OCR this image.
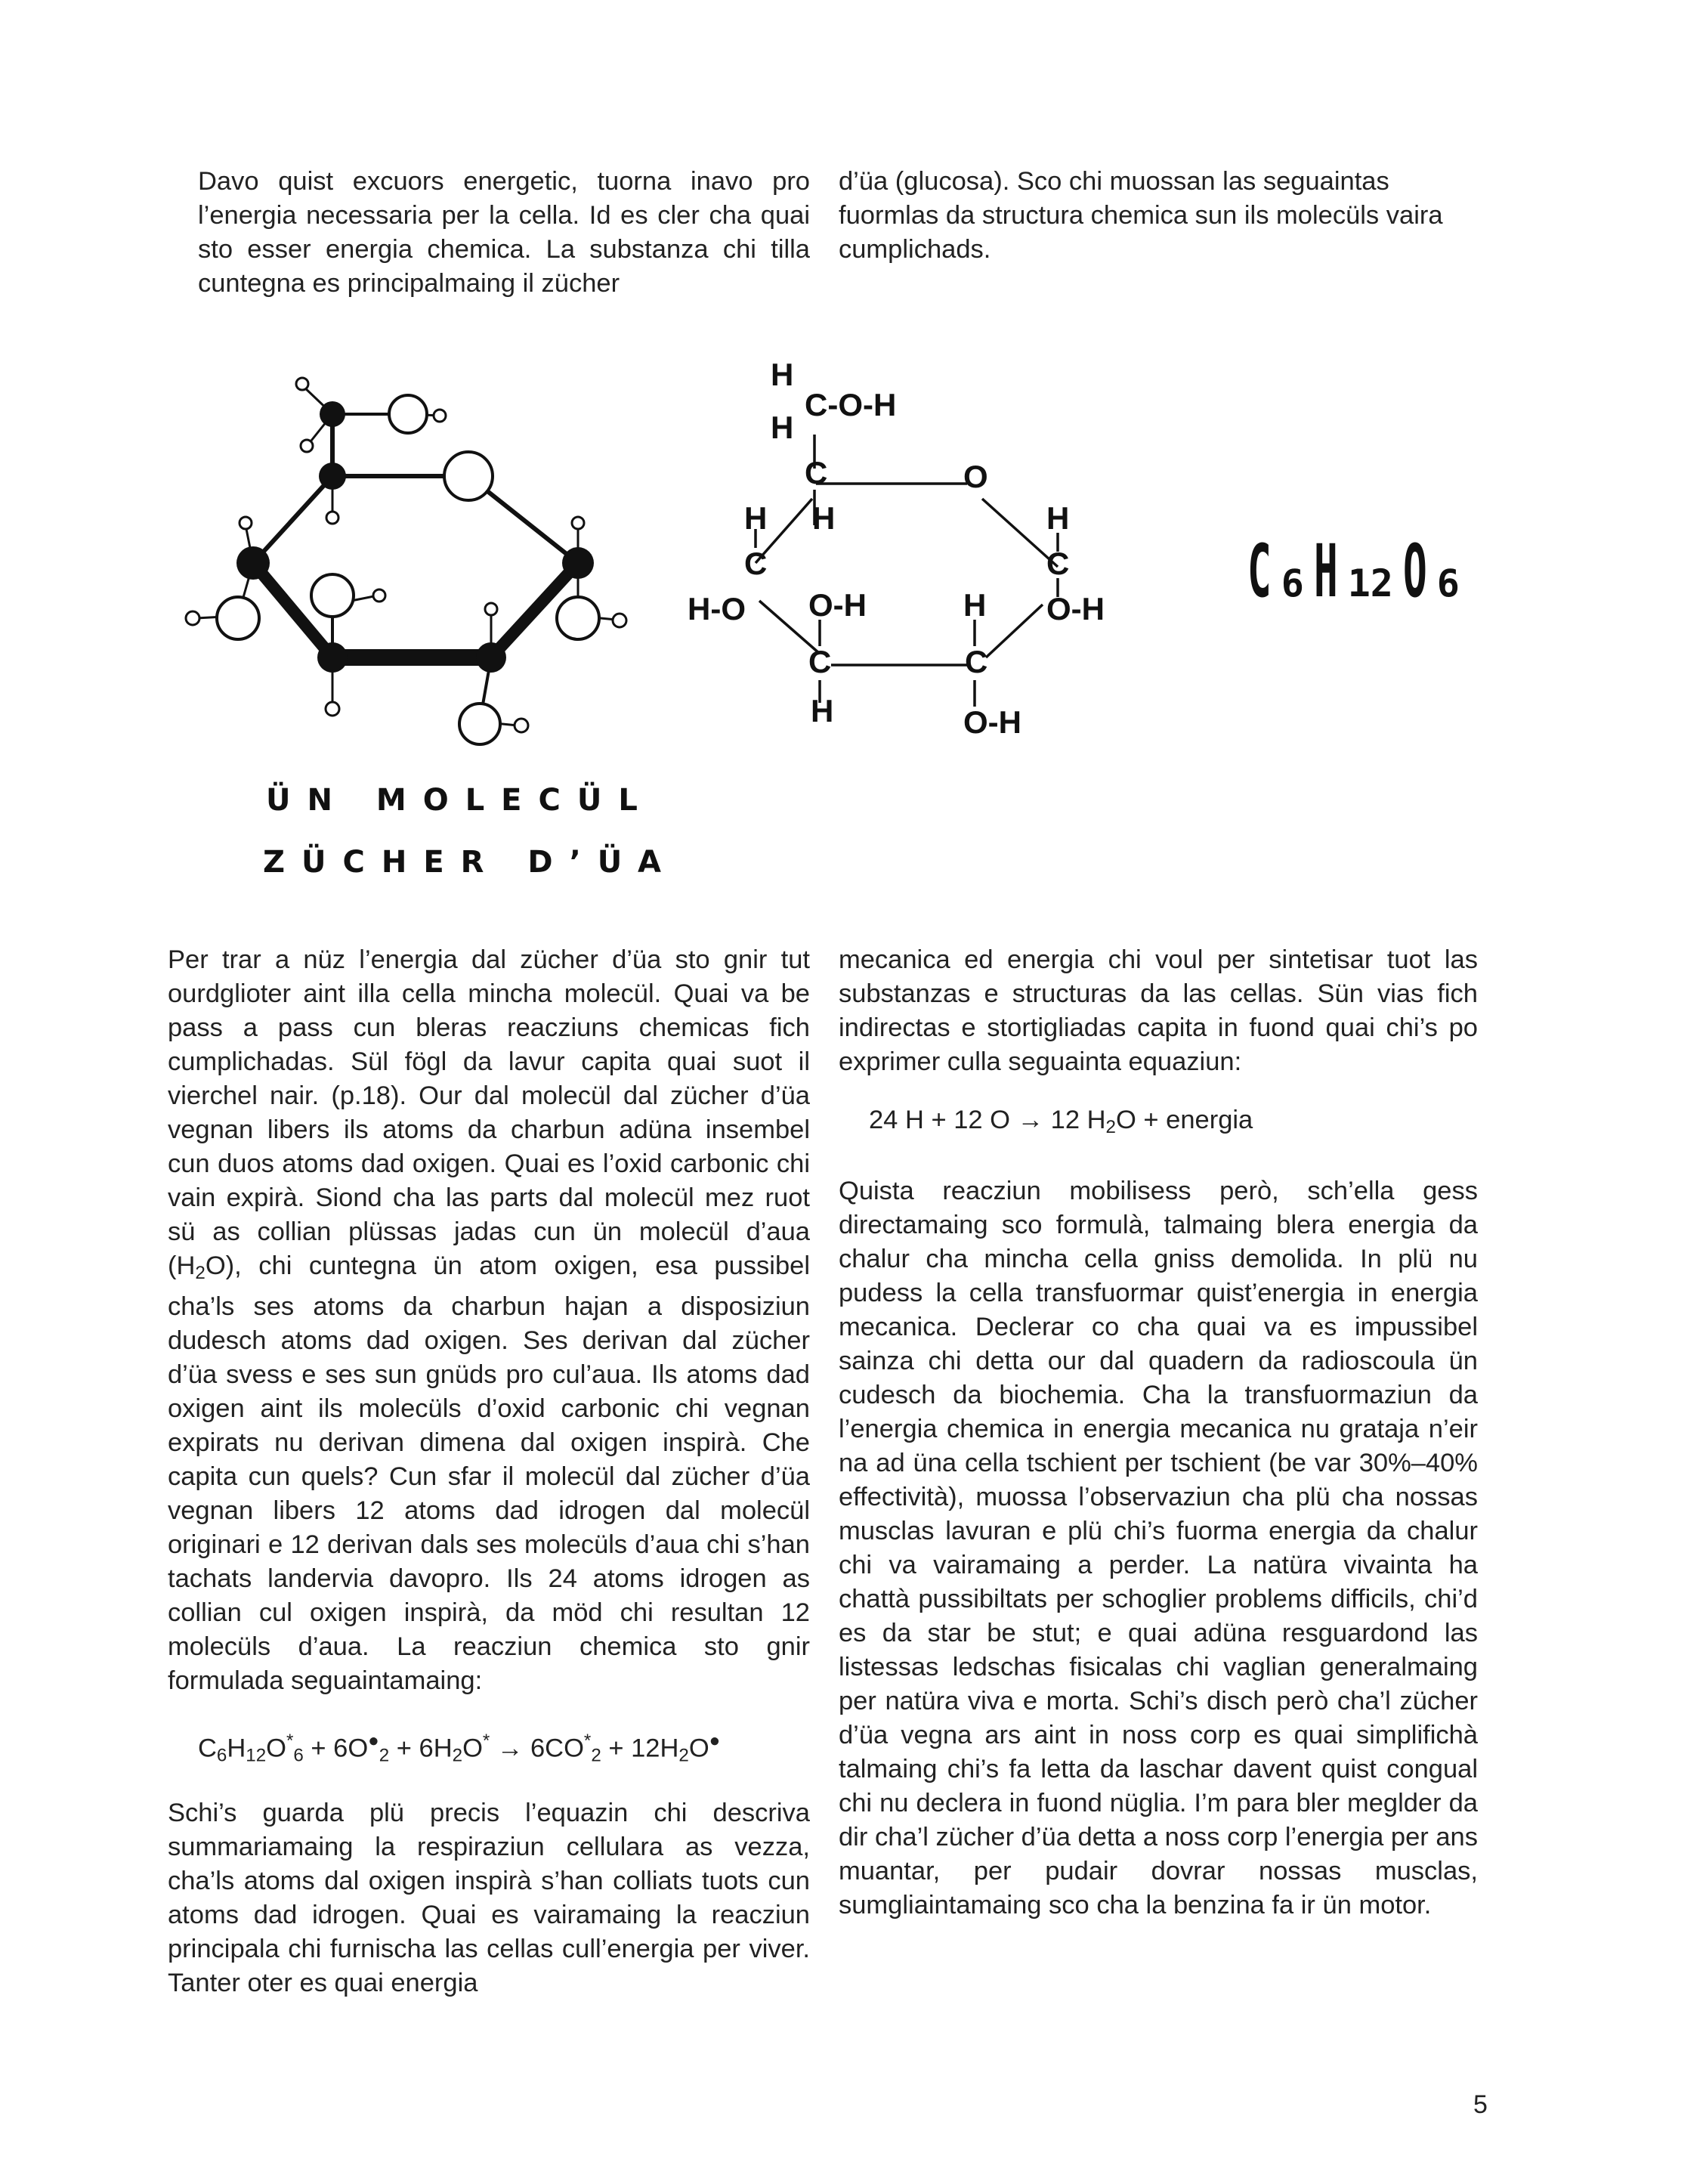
Davo quist excuors energetic, tuorna inavo pro l’energia necessaria per la cella. Id es cler cha quai sto esser energia chemica. La substanza chi tilla cuntegna es principalmaing il zücher

d’üa (glucosa). Sco chi muossan las seguaintas fuormlas da structura chemica sun ils molecüls vaira cumplichads.

H
H
C-O-H
C
H
O
H
C
H-O O-H
C
H
H
C
O-H
H
C
O-H C 6 H 12 O 6
ÜN MOLECÜL
ZÜCHER D’ÜA

Per trar a nüz l’energia dal zücher d’üa sto gnir tut ourdglioter aint illa cella mincha molecül. Quai va be pass a pass cun bleras reacziuns chemicas fich cumplichadas. Sül fögl da lavur capita quai suot il vierchel nair. (p.18). Our dal molecül dal zücher d’üa vegnan libers ils atoms da charbun adüna insembel cun duos atoms dad oxigen. Quai es l’oxid carbonic chi vain expirà. Siond cha las parts dal molecül mez ruot sü as collian plüssas jadas cun ün molecül d’aua $(H_2O)$, chi cuntegna ün atom oxigen, esa pussibel cha’ls ses atoms da charbun hajan a disposiziun dudesch atoms dad oxigen. Ses derivan dal zücher d’üa svess e ses sun gnüds pro cul’aua. Ils atoms dad oxigen aint ils molecüls d’oxid carbonic chi vegnan expirats nu derivan dimena dal oxigen inspirà. Che capita cun quels? Cun sfar il molecül dal zücher d’üa vegnan libers 12 atoms dad idrogen dal molecül originari e 12 derivan dals ses molecüls d’aua chi s’han tachats landervia davopro. Ils 24 atoms idrogen as collian cul oxigen inspirà, da möd chi resultan 12 molecüls d’aua. La reacziun chemica sto gnir formulada seguaintamaing:

$C_6H_{12}O^*_6 + 6O^●_2 + 6H_2O^* \to 6CO^*_2 + 12H_2O^●$

Schi’s guarda plü precis l’equazin chi descriva summariamaing la respiraziun cellulara as vezza, cha’ls atoms dal oxigen inspirà s’han colliats tuots cun atoms dad idrogen. Quai es vairamaing la reacziun principala chi furnischa las cellas cull’energia per viver. Tanter oter es quai energia

mecanica ed energia chi voul per sintetisar tuot las substanzas e structuras da las cellas. Sün vias fich indirectas e stortigliadas capita in fuond quai chi’s po exprimer culla seguainta equaziun:

24 H + 12 O → 12 $H_2O$ + energia

Quista reacziun mobilisess però, sch’ella gess directamaing sco formulà, talmaing blera energia da chalur cha mincha cella gniss demolida. In plü nu pudess la cella transfuormar quist’energia in energia mecanica. Declerar co cha quai va es impussibel sainza chi detta our dal quadern da radioscoula ün cudesch da biochemia. Cha la transfuormaziun da l’energia chemica in energia mecanica nu grataja n’eir na ad üna cella tschient per tschient (be var 30%–40% effectività), muossa l’observaziun cha plü cha nossas musclas lavuran e plü chi’s fuorma energia da chalur chi va vairamaing a perder. La natüra vivainta ha chattà pussibiltats per schoglier problems difficils, chi’d es da star be stut; e quai adüna resguardond las listessas ledschas fisicalas chi vaglian generalmaing per natüra viva e morta. Schi’s disch però cha’l zücher d’üa vegna ars aint in noss corp es quai simplifichà talmaing chi’s fa letta da laschar davent quist congual chi nu declera in fuond nüglia. I’m para bler meglder da dir cha’l zücher d’üa detta a noss corp l’energia per ans muantar, per pudair dovrar nossas musclas, sumgliaintamaing sco cha la benzina fa ir ün motor.

5
